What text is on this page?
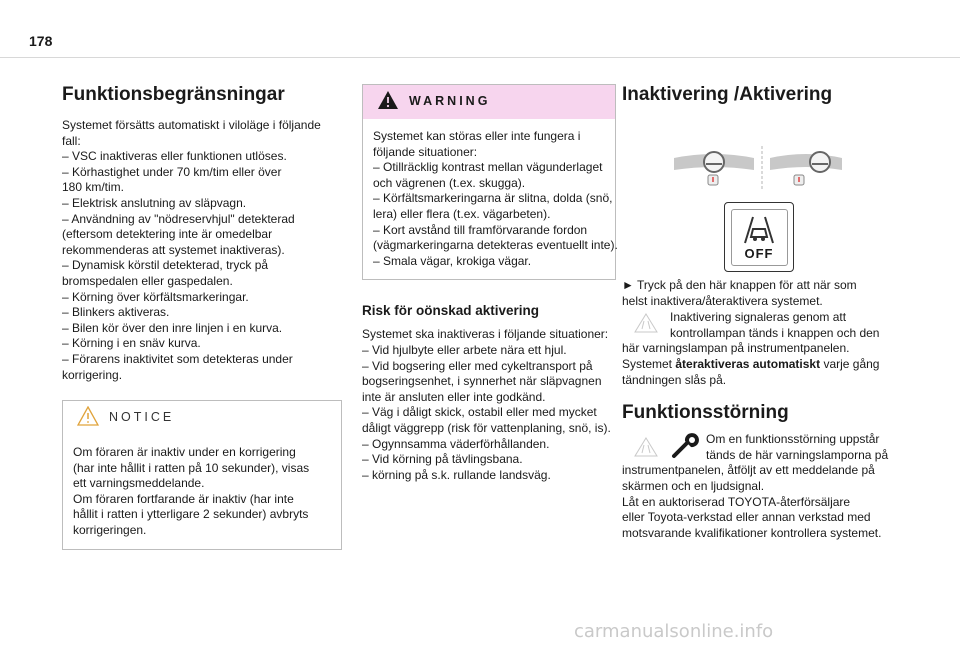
178
Funktionsbegränsningar
Systemet försätts automatiskt i viloläge i följande
fall:
– VSC inaktiveras eller funktionen utlöses.
– Körhastighet under 70 km/tim eller över
180 km/tim.
– Elektrisk anslutning av släpvagn.
– Användning av "nödreservhjul" detekterad
(eftersom detektering inte är omedelbar
rekommenderas att systemet inaktiveras).
– Dynamisk körstil detekterad, tryck på
bromspedalen eller gaspedalen.
– Körning över körfältsmarkeringar.
– Blinkers aktiveras.
– Bilen kör över den inre linjen i en kurva.
– Körning i en snäv kurva.
– Förarens inaktivitet som detekteras under
korrigering.
NOTICE
Om föraren är inaktiv under en korrigering
(har inte hållit i ratten på 10 sekunder), visas
ett varningsmeddelande.
Om föraren fortfarande är inaktiv (har inte
hållit i ratten i ytterligare 2 sekunder) avbryts
korrigeringen.
WARNING
Systemet kan störas eller inte fungera i
följande situationer:
– Otillräcklig kontrast mellan vägunderlaget
och vägrenen (t.ex. skugga).
– Körfältsmarkeringarna är slitna, dolda (snö,
lera) eller flera (t.ex. vägarbeten).
– Kort avstånd till framförvarande fordon
(vägmarkeringarna detekteras eventuellt inte).
– Smala vägar, krokiga vägar.
Risk för oönskad aktivering
Systemet ska inaktiveras i följande situationer:
– Vid hjulbyte eller arbete nära ett hjul.
– Vid bogsering eller med cykeltransport på
bogseringsenhet, i synnerhet när släpvagnen
inte är ansluten eller inte godkänd.
– Väg i dåligt skick, ostabil eller med mycket
dåligt väggrepp (risk för vattenplaning, snö, is).
– Ogynnsamma väderförhållanden.
– Vid körning på tävlingsbana.
– körning på s.k. rullande landsväg.
Inaktivering /Aktivering
OFF
► Tryck på den här knappen för att när som
helst inaktivera/återaktivera systemet.
Inaktivering signaleras genom att
kontrollampan tänds i knappen och den
här varningslampan på instrumentpanelen.
Systemet återaktiveras automatiskt varje gång
tändningen slås på.
Funktionsstörning
Om en funktionsstörning uppstår
tänds de här varningslamporna på
instrumentpanelen, åtföljt av ett meddelande på
skärmen och en ljudsignal.
Låt en auktoriserad TOYOTA-återförsäljare
eller Toyota-verkstad eller annan verkstad med
motsvarande kvalifikationer kontrollera systemet.
carmanualsonline.info
